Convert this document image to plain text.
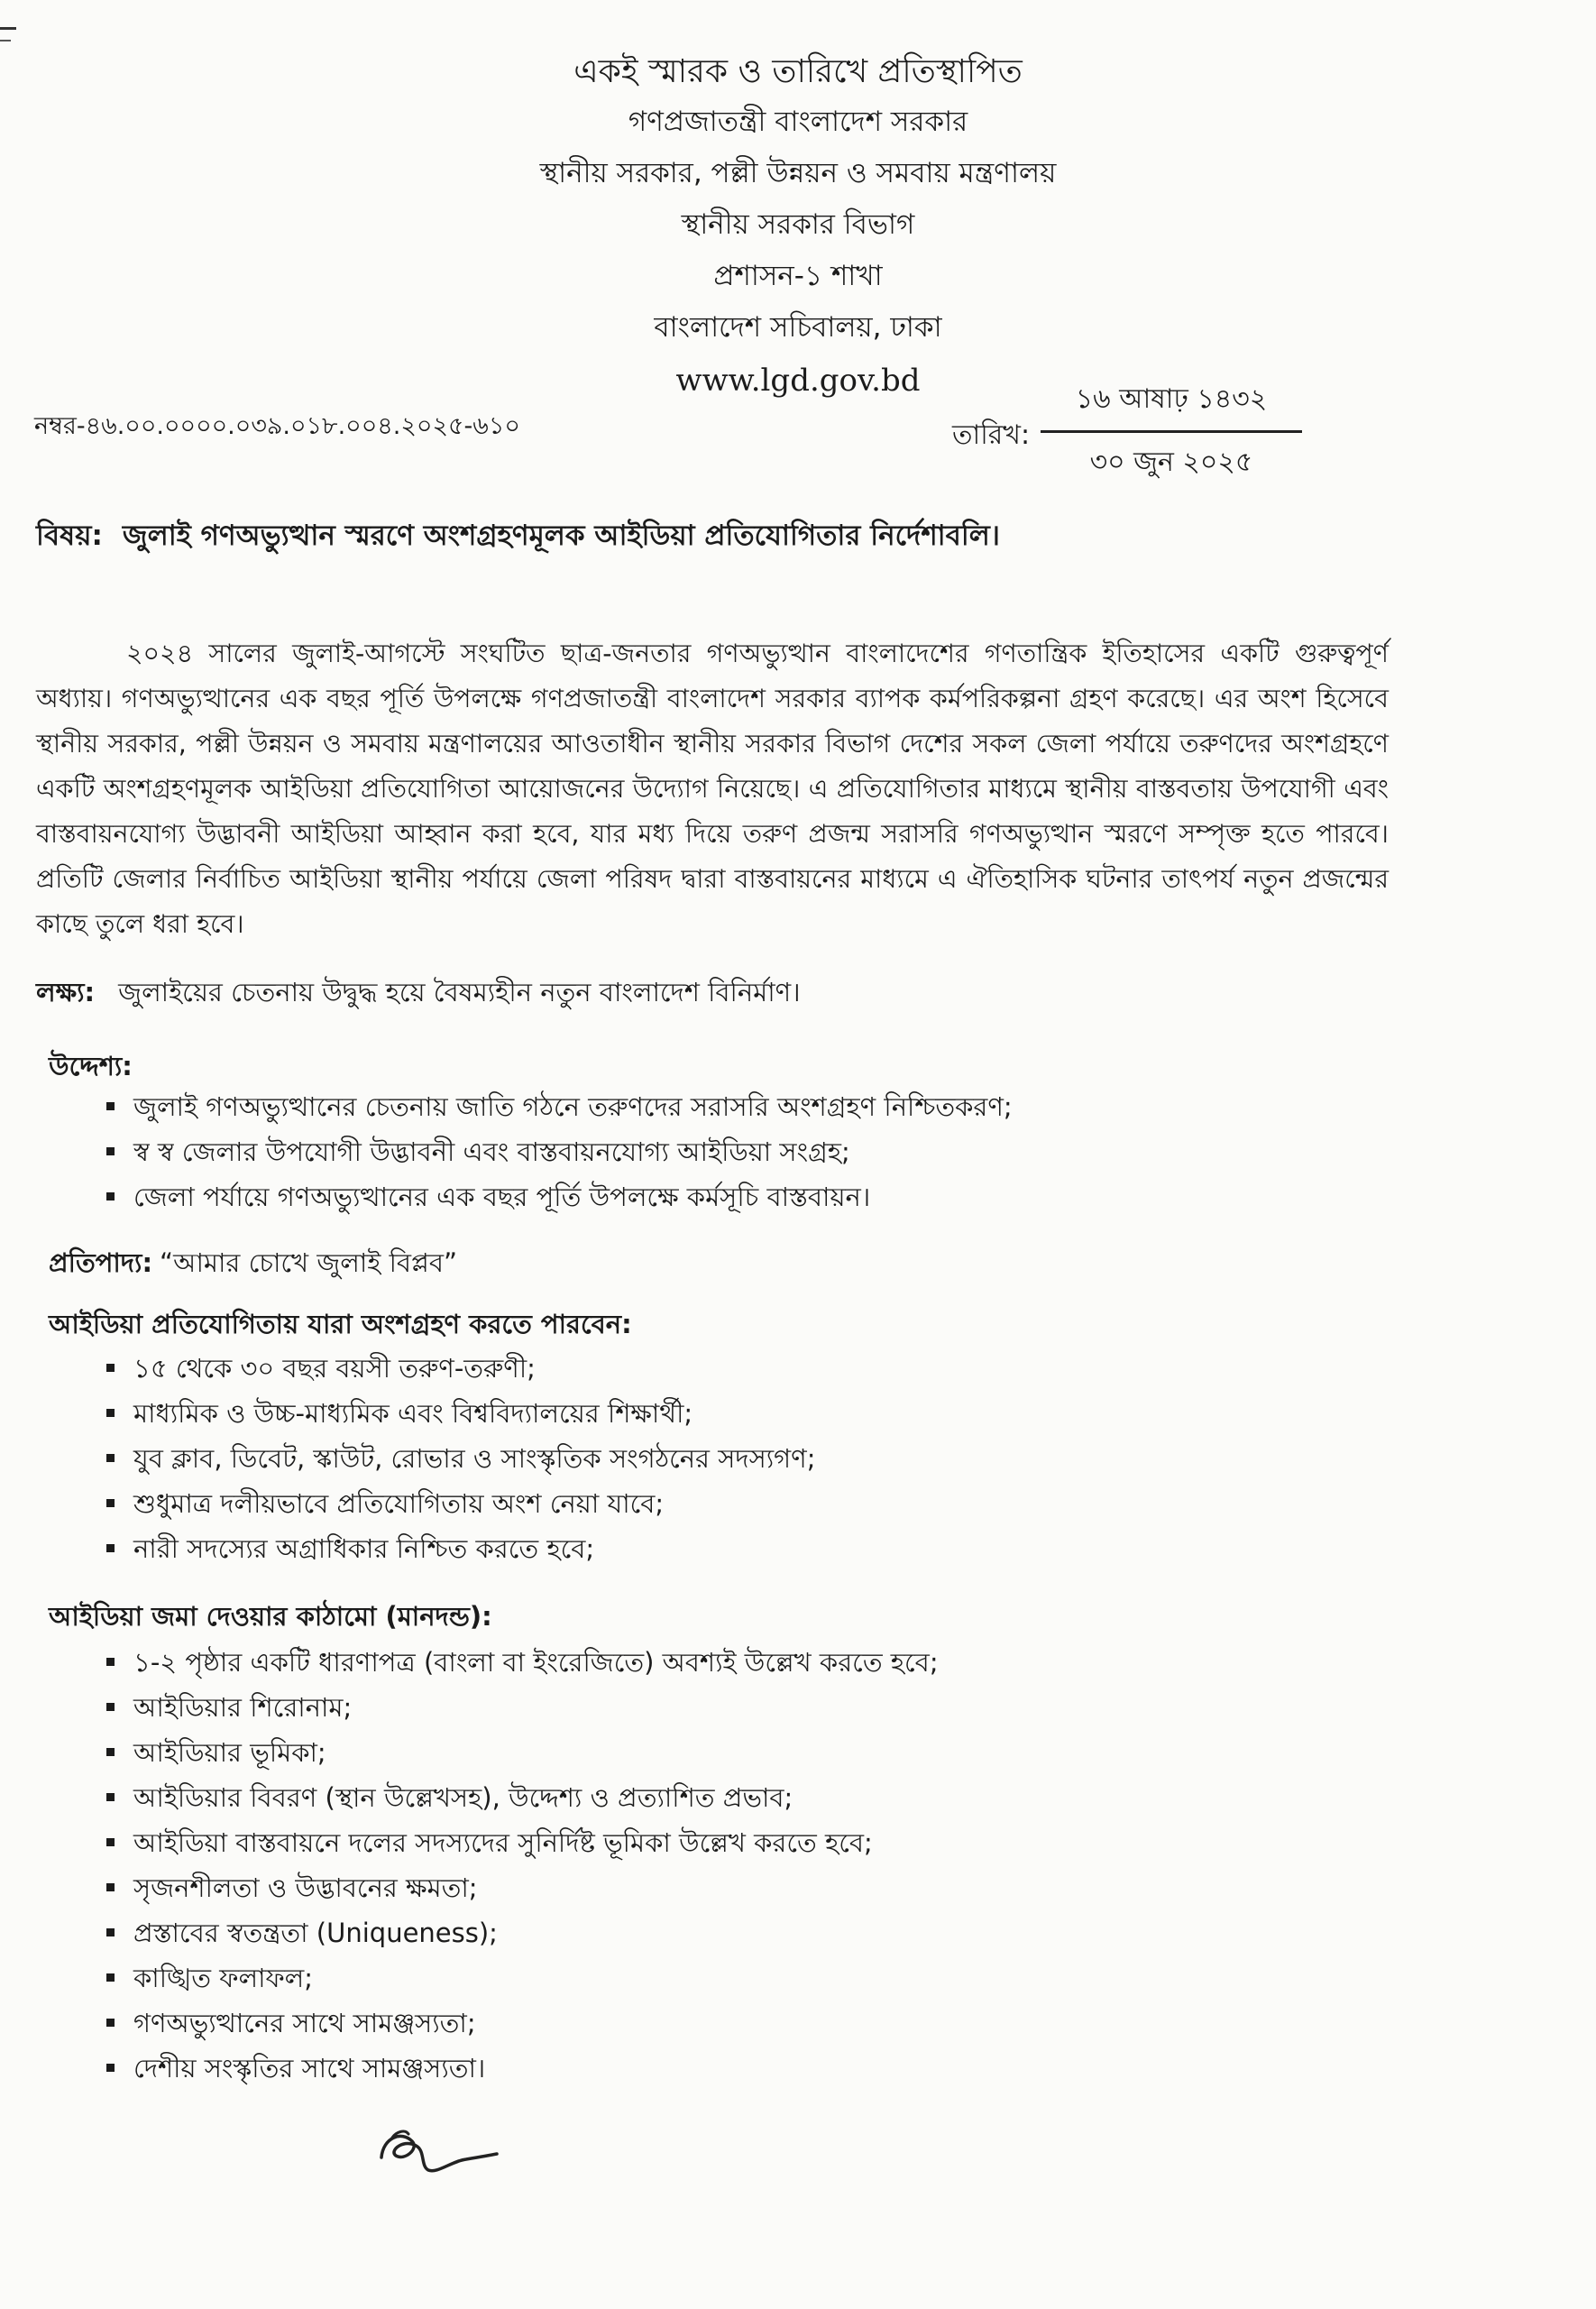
একই স্মারক ও তারিখে প্রতিস্থাপিত
গণপ্রজাতন্ত্রী বাংলাদেশ সরকার
স্থানীয় সরকার, পল্লী উন্নয়ন ও সমবায় মন্ত্রণালয়
স্থানীয় সরকার বিভাগ
প্রশাসন-১ শাখা
বাংলাদেশ সচিবালয়, ঢাকা
www.lgd.gov.bd
নম্বর-৪৬.০০.০০০০.০৩৯.০১৮.০০৪.২০২৫-৬১০	তারিখ:
১৬ আষাঢ় ১৪৩২
৩০ জুন ২০২৫
বিষয়: জুলাই গণঅভ্যুত্থান স্মরণে অংশগ্রহণমূলক আইডিয়া প্রতিযোগিতার নির্দেশাবলি।
২০২৪ সালের জুলাই-আগস্টে সংঘটিত ছাত্র-জনতার গণঅভ্যুত্থান বাংলাদেশের গণতান্ত্রিক ইতিহাসের একটি গুরুত্বপূর্ণ অধ্যায়। গণঅভ্যুত্থানের এক বছর পূর্তি উপলক্ষে গণপ্রজাতন্ত্রী বাংলাদেশ সরকার ব্যাপক কর্মপরিকল্পনা গ্রহণ করেছে। এর অংশ হিসেবে স্থানীয় সরকার, পল্লী উন্নয়ন ও সমবায় মন্ত্রণালয়ের আওতাধীন স্থানীয় সরকার বিভাগ দেশের সকল জেলা পর্যায়ে তরুণদের অংশগ্রহণে একটি অংশগ্রহণমূলক আইডিয়া প্রতিযোগিতা আয়োজনের উদ্যোগ নিয়েছে। এ প্রতিযোগিতার মাধ্যমে স্থানীয় বাস্তবতায় উপযোগী এবং বাস্তবায়নযোগ্য উদ্ভাবনী আইডিয়া আহ্বান করা হবে, যার মধ্য দিয়ে তরুণ প্রজন্ম সরাসরি গণঅভ্যুত্থান স্মরণে সম্পৃক্ত হতে পারবে। প্রতিটি জেলার নির্বাচিত আইডিয়া স্থানীয় পর্যায়ে জেলা পরিষদ দ্বারা বাস্তবায়নের মাধ্যমে এ ঐতিহাসিক ঘটনার তাৎপর্য নতুন প্রজন্মের কাছে তুলে ধরা হবে।
লক্ষ্য: জুলাইয়ের চেতনায় উদ্বুদ্ধ হয়ে বৈষম্যহীন নতুন বাংলাদেশ বিনির্মাণ।
উদ্দেশ্য:
জুলাই গণঅভ্যুত্থানের চেতনায় জাতি গঠনে তরুণদের সরাসরি অংশগ্রহণ নিশ্চিতকরণ;
স্ব স্ব জেলার উপযোগী উদ্ভাবনী এবং বাস্তবায়নযোগ্য আইডিয়া সংগ্রহ;
জেলা পর্যায়ে গণঅভ্যুত্থানের এক বছর পূর্তি উপলক্ষে কর্মসূচি বাস্তবায়ন।
প্রতিপাদ্য: “আমার চোখে জুলাই বিপ্লব”
আইডিয়া প্রতিযোগিতায় যারা অংশগ্রহণ করতে পারবেন:
১৫ থেকে ৩০ বছর বয়সী তরুণ-তরুণী;
মাধ্যমিক ও উচ্চ-মাধ্যমিক এবং বিশ্ববিদ্যালয়ের শিক্ষার্থী;
যুব ক্লাব, ডিবেট, স্কাউট, রোভার ও সাংস্কৃতিক সংগঠনের সদস্যগণ;
শুধুমাত্র দলীয়ভাবে প্রতিযোগিতায় অংশ নেয়া যাবে;
নারী সদস্যের অগ্রাধিকার নিশ্চিত করতে হবে;
আইডিয়া জমা দেওয়ার কাঠামো (মানদন্ড):
১-২ পৃষ্ঠার একটি ধারণাপত্র (বাংলা বা ইংরেজিতে) অবশ্যই উল্লেখ করতে হবে;
আইডিয়ার শিরোনাম;
আইডিয়ার ভূমিকা;
আইডিয়ার বিবরণ (স্থান উল্লেখসহ), উদ্দেশ্য ও প্রত্যাশিত প্রভাব;
আইডিয়া বাস্তবায়নে দলের সদস্যদের সুনির্দিষ্ট ভূমিকা উল্লেখ করতে হবে;
সৃজনশীলতা ও উদ্ভাবনের ক্ষমতা;
প্রস্তাবের স্বতন্ত্রতা (Uniqueness);
কাঙ্খিত ফলাফল;
গণঅভ্যুত্থানের সাথে সামঞ্জস্যতা;
দেশীয় সংস্কৃতির সাথে সামঞ্জস্যতা।
